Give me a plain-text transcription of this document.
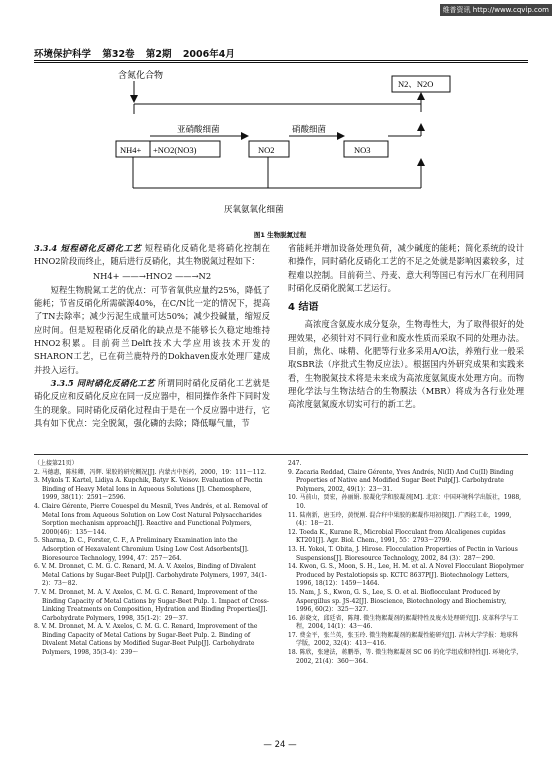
维普资讯 http://www.cqvip.com
环境保护科学 第32卷 第2期 2006年4月
含氮化合物
N2、N2O
亚硝酸细菌	硝酸细菌
NH4+ +NO2(NO3)	NO2	NO3
厌氧氨氧化细菌
图1 生物脱氮过程

3.3.4 短程硝化反硝化工艺 短程硝化反硝化是将硝化控制在HNO2阶段而终止，随后进行反硝化，其生物脱氮过程如下：

NH4+ ——→HNO2 ——→N2

短程生物脱氮工艺的优点：可节省氧供应量约25%，降低了能耗；节省反硝化所需碳源40%，在C/N比一定的情况下，提高了TN去除率；减少污泥生成量可达50%；减少投碱量，缩短反应时间。但是短程硝化反硝化的缺点是不能够长久稳定地维持HNO2积累。目前荷兰Delft技术大学应用该技术开发的SHARON工艺，已在荷兰鹿特丹的Dokhaven废水处理厂建成并投入运行。

3.3.5 同时硝化反硝化工艺 所谓同时硝化反硝化工艺就是硝化反应和反硝化反应在同一反应器中，相同操作条件下同时发生的现象。同时硝化反硝化过程由于是在一个反应器中进行，它具有如下优点：完全脱氮，强化磷的去除；降低曝气量，节

省能耗并增加设备处理负荷，减少碱度的能耗；简化系统的设计和操作，同时硝化反硝化工艺的不足之处就是影响因素较多，过程难以控制。目前荷兰、丹麦、意大利等国已有污水厂在利用同时硝化反硝化脱氮工艺运行。

4 结语

高浓度含氨废水成分复杂，生物毒性大，为了取得很好的处理效果，必须针对不同行业和废水性质而采取不同的处理办法。目前，焦化、味精、化肥等行业多采用A/O法，养殖行业一般采取SBR法（序批式生物反应法）。根据国内外研究成果和实践来看，生物脱氮技术将是未来成为高浓度氨氮废水处理方向。而物理化学法与生物法结合的生物膜法（MBR）将成为各行业处理高浓度氨氮废水切实可行的新工艺。

（上接第21页）

2. 马德惠，陈桂卿，冯辉. 果胶的研究概况[J]. 内蒙古中医药，2000，19：111～112.

3. Mykols T. Kartel, Lidiya A. Kupchik, Batyr K. Veisov. Evaluation of Pectin Binding of Heavy Metal Ions in Aqueous Solutions [J]. Chemosphere, 1999, 38(11)：2591～2596.

4. Claire Gérente, Pierre Couespel du Mesnil, Yves Andrés, et al. Removal of Metal Ions from Aqueous Solution on Low Cost Natural Polysaccharides Sorption mechanism approach[J]. Reactive and Functional Polymers, 2000(46)：135～144.

5. Sharma, D. C., Forster, C. F., A Preliminary Examination into the Adsorption of Hexavalent Chromium Using Low Cost Adsorbents[J]. Bioresource Technology, 1994, 47：257～264.

6. V. M. Dronnet, C. M. G. C. Renard, M. A. V. Axelos, Binding of Divalent Metal Cations by Sugar-Beet Pulp[J]. Carbohydrate Polymers, 1997, 34(1-2)：73～82.

7. V. M. Dronnet, M. A. V. Axelos, C. M. G. C. Renard, Improvement of the Binding Capacity of Metal Cations by Sugar-Beet Pulp. 1. Impact of Cross-Linking Treatments on Composition, Hydration and Binding Properties[J]. Carbohydrate Polymers, 1998, 35(1-2)：29～37.

8. V. M. Dronnet, M. A. V. Axelos, C. M. G. C. Renard, Improvement of the Binding Capacity of Metal Cations by Sugar-Beet Pulp. 2. Binding of Divalent Metal Cations by Modified Sugar-Beet Pulp[J]. Carbohydrate Polymers, 1998, 35(3-4)：239～

247.

9. Zacaria Reddad, Claire Gérente, Yves Andrés, Ni(II) And Cu(II) Binding Properties of Native and Modified Sugar Beet Pulp[J]. Carbohydrate Polymers, 2002, 49(1)：23～31.

10. 马前山，贾宏，孙丽娟. 胶凝化学和胶凝剂[M]. 北京：中国环境科学出版社，1988, 10.

11. 陆南新，唐玉玲，黄悦刚. 混合秆中果胶的絮凝作用初探[J]. 广西轻工业，1999, (4)：18～21.

12. Toeda K., Kurane R., Microbial Flocculant from Alcaligenes cupidas KT201[J]. Agr. Biol. Chem., 1991, 55：2793～2799.

13. H. Yokoi, T. Obita, J. Hirose. Flocculation Properties of Pectin in Various Suspensions[J]. Bioresource Technology, 2002, 84 (3)：287～290.

14. Kwon, G. S., Moon, S. H., Lee, H. M. et al. A Novel Flocculant Biopolymer Produced by Pestalotiopsis sp. KCTC 8637P[J]. Biotechnology Letters, 1996, 18(12)：1459～1464.

15. Nam, J. S., Kwon, G. S., Lee, S. O. et al. Bioflocculant Produced by Aspergillus sp. JS-42[J]. Bioscience, Biotechnology and Biochemistry, 1996, 60(2)：325～327.

16. 彭晓文，邱廷省，陈翔. 微生物絮凝剂的絮凝特性及废水处理研究[J]. 皮革科学与工程，2004, 14(1)：43～46.

17. 费金平，张兰英，张玉玲. 微生物絮凝剂的絮凝性能研究[J]. 吉林大学学报：地球科学版，2002, 32(4)：413～416.

18. 陈欣，张建法，蒋鹏举，等. 微生物絮凝剂 SC 06 的化学组成和特性[J]. 环境化学，2002, 21(4)：360～364.

— 24 —
